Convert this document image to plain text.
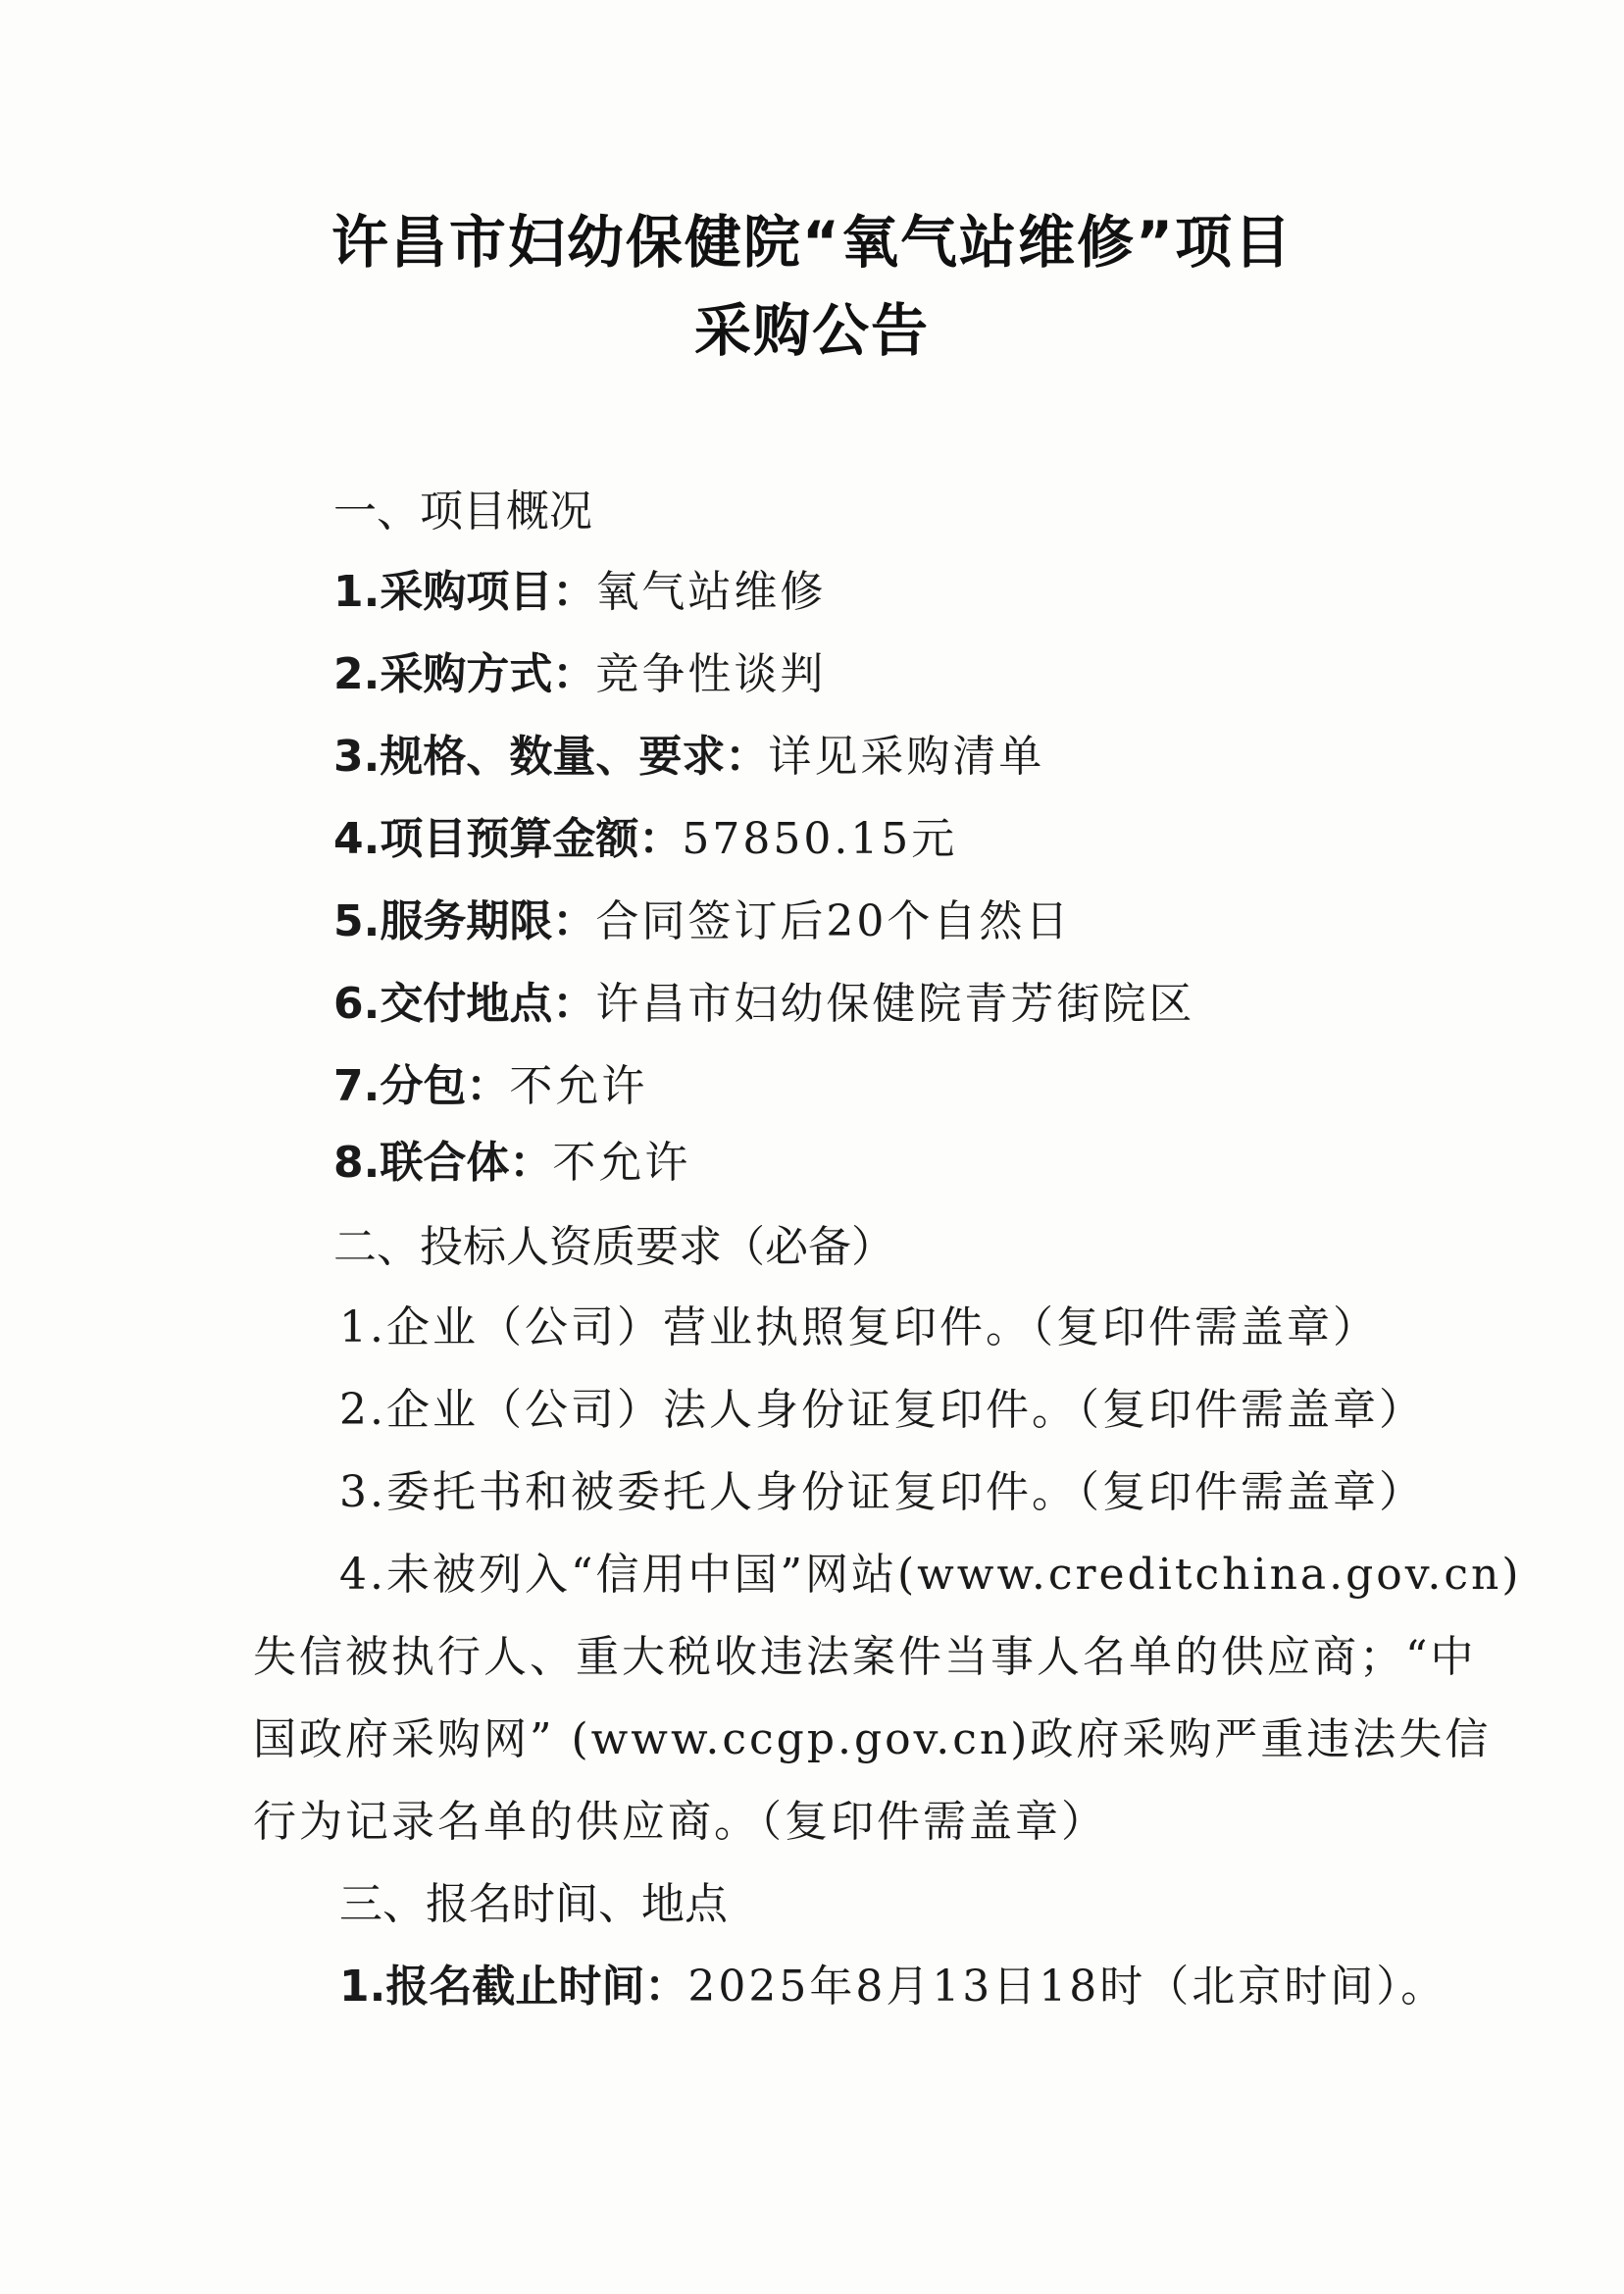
许昌市妇幼保健院“氧气站维修”项目
采购公告

一、项目概况

1.采购项目：氧气站维修

2.采购方式：竞争性谈判

3.规格、数量、要求：详见采购清单

4.项目预算金额：57850.15元

5.服务期限：合同签订后20个自然日

6.交付地点：许昌市妇幼保健院青芳街院区

7.分包：不允许

8.联合体：不允许

二、投标人资质要求（必备）

1.企业（公司）营业执照复印件。（复印件需盖章）

2.企业（公司）法人身份证复印件。（复印件需盖章）

3.委托书和被委托人身份证复印件。（复印件需盖章）

4.未被列入“信用中国”网站(www.creditchina.gov.cn)

失信被执行人、重大税收违法案件当事人名单的供应商；“中

国政府采购网” (www.ccgp.gov.cn)政府采购严重违法失信

行为记录名单的供应商。（复印件需盖章）

三、报名时间、地点

1.报名截止时间：2025年8月13日18时（北京时间）。
